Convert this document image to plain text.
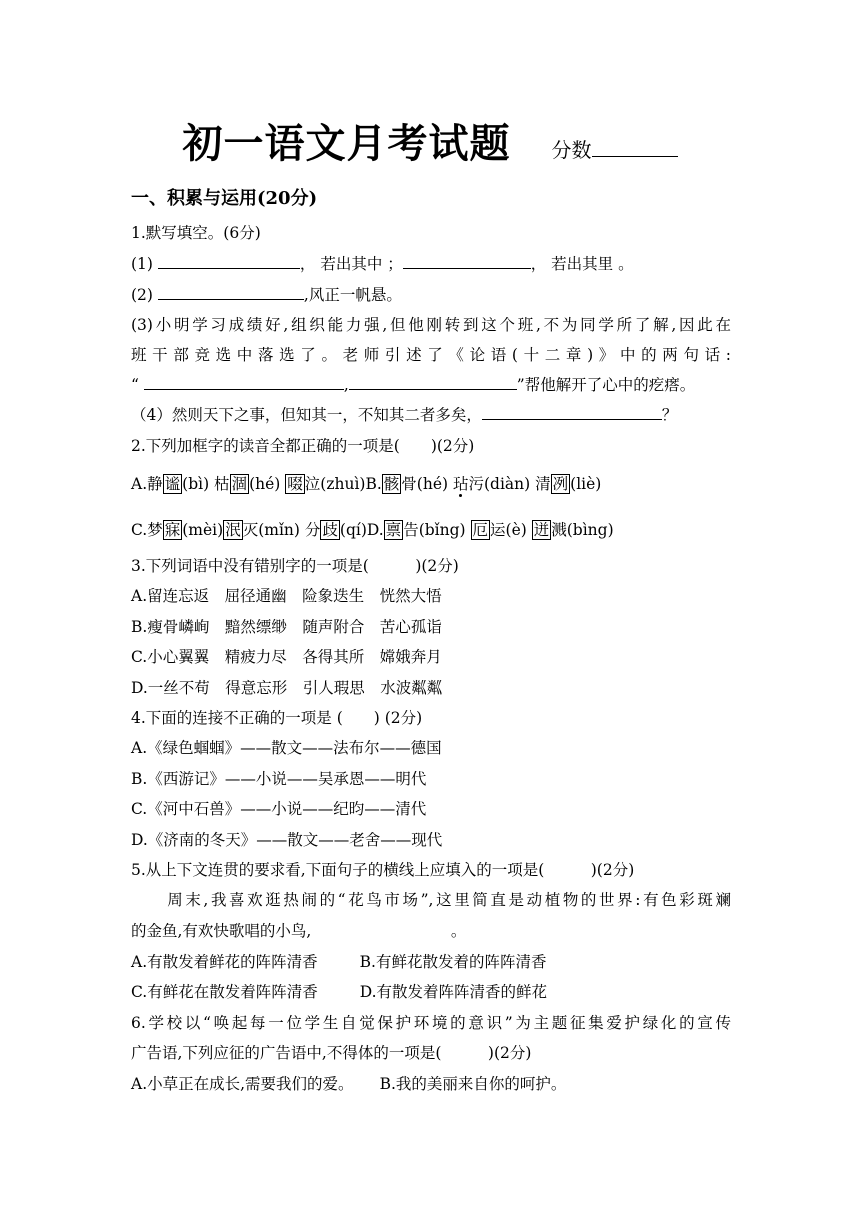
初一语文月考试题 分数
一、积累与运用(20分)
1.默写填空。(6分)
(1)	， 若出其中 ；	， 若出其里 。
(2)	,风正一帆悬。
(3)小明学习成绩好,组织能力强,但他刚转到这个班,不为同学所了解,因此在
班干部竞选中落选了。老师引述了《论语(十二章)》中的两句话:
“	,	”帮他解开了心中的疙瘩。
（4）然则天下之事，但知其一，不知其二者多矣，	？
2.下列加框字的读音全都正确的一项是(　　)(2分)
A.静 谧 (bì) 枯 涸 (hé) 啜 泣(zhuì)B. 骸 骨(hé) 玷污(diàn) 清 冽 (liè)
C.梦 寐 (mèi) 泯 灭(mǐn) 分 歧 (qí)D. 禀 告(bǐng) 厄 运(è) 迸 溅(bìng)
3.下列词语中没有错别字的一项是(　　　)(2分)
A.留连忘返　屈径通幽　险象迭生　恍然大悟
B.瘦骨嶙峋　黯然缥缈　随声附合　苦心孤诣
C.小心翼翼　精疲力尽　各得其所　嫦娥奔月
D.一丝不苟　得意忘形　引人瑕思　水波粼粼
4.下面的连接不正确的一项是 (　　) (2分)
A.《绿色蝈蝈》——散文——法布尔——德国
B.《西游记》——小说——吴承恩——明代
C.《河中石兽》——小说——纪昀——清代
D.《济南的冬天》——散文——老舍——现代
5.从上下文连贯的要求看,下面句子的横线上应填入的一项是(　　　)(2分)
　　周末,我喜欢逛热闹的“花鸟市场”,这里简直是动植物的世界:有色彩斑斓
的金鱼,有欢快歌唱的小鸟,　　　　　　　　　。
A.有散发着鲜花的阵阵清香	B.有鲜花散发着的阵阵清香
C.有鲜花在散发着阵阵清香	D.有散发着阵阵清香的鲜花
6.学校以“唤起每一位学生自觉保护环境的意识”为主题征集爱护绿化的宣传
广告语,下列应征的广告语中,不得体的一项是(　　　)(2分)
A.小草正在成长,需要我们的爱。 B.我的美丽来自你的呵护。
